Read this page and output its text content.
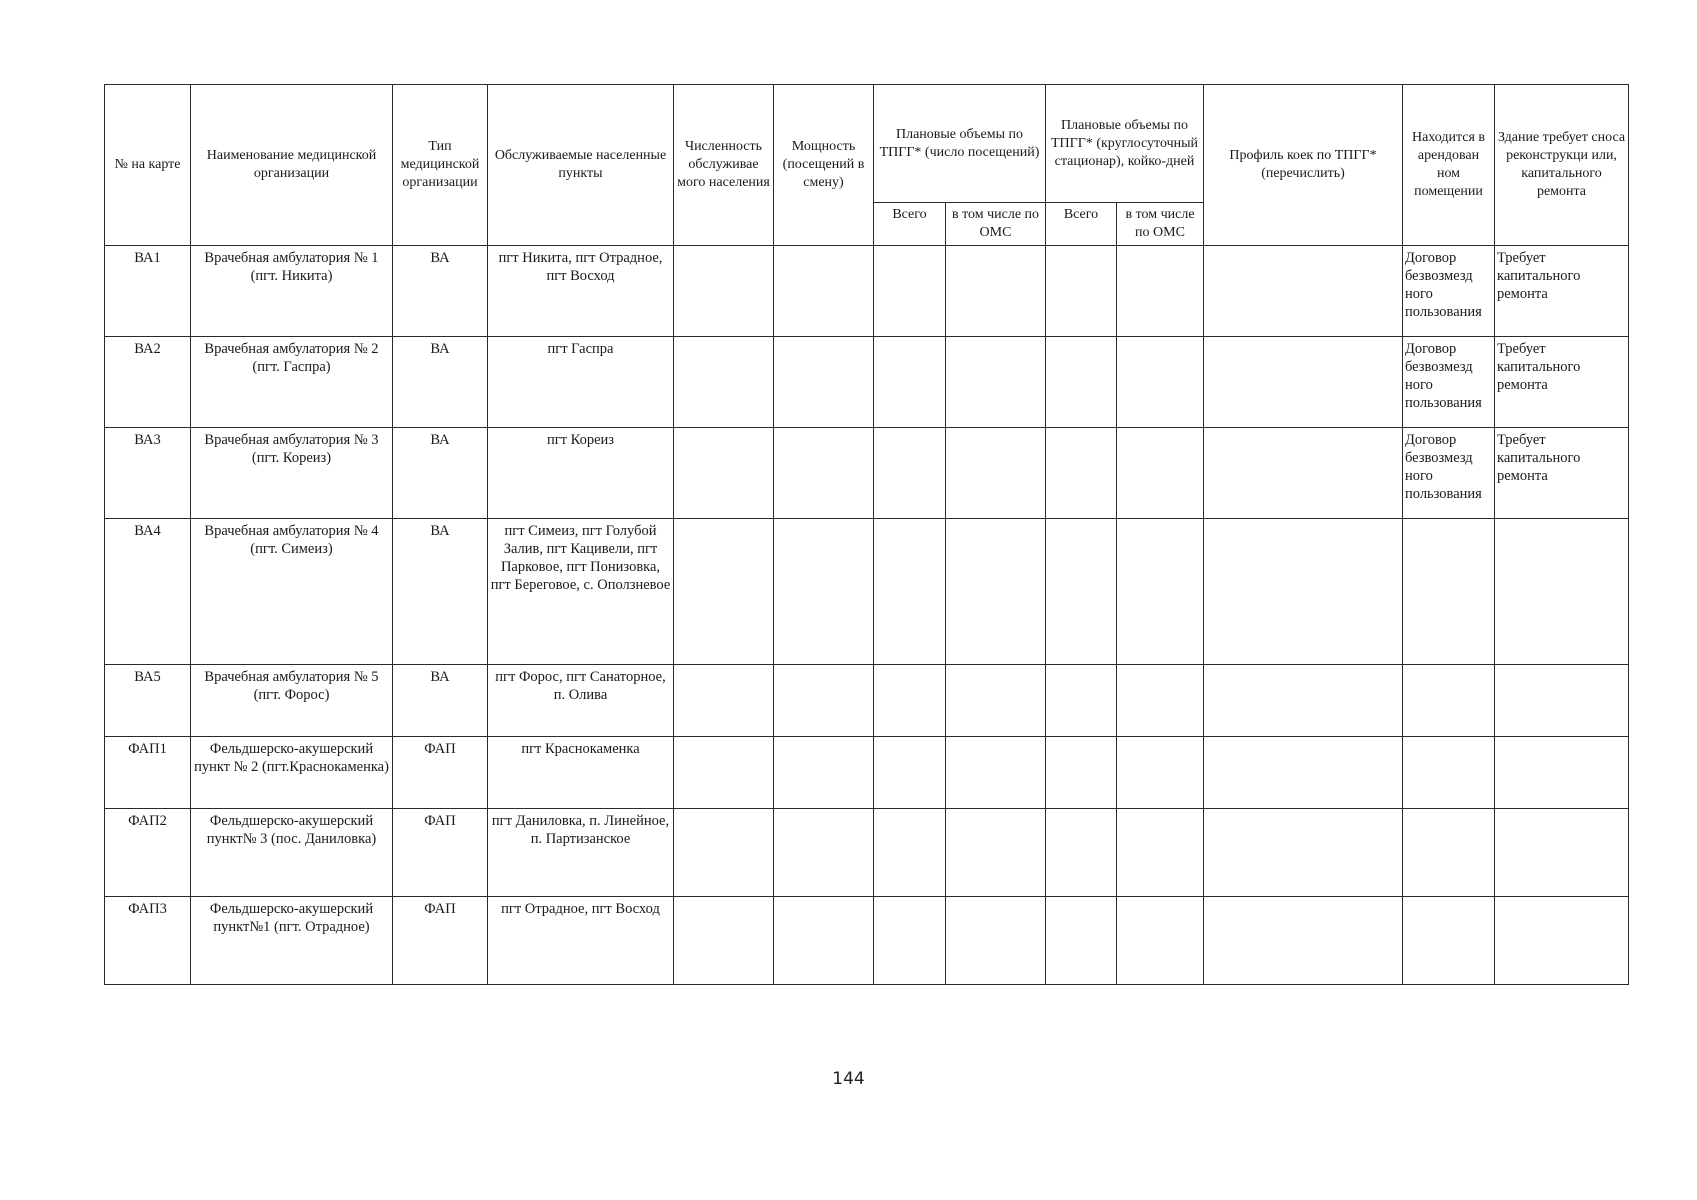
№ на карте	Наименование медицинской организации	Тип медицинской организации	Обслуживаемые населенные пункты	Численность обслуживае мого населения	Мощность (посещений в смену)	Плановые объемы по ТПГГ* (число посещений)		Плановые объемы по ТПГГ* (круглосуточный стационар), койко-дней		Профиль коек по ТПГГ* (перечислить)	Находится в арендован ном помещении	Здание требует сноса реконструкци или, капитального ремонта
						Всего	в том числе по ОМС	Всего	в том числе по ОМС			
ВА1	Врачебная амбулатория № 1 (пгт. Никита)	ВА	пгт Никита, пгт Отрадное, пгт Восход								Договор безвозмезд ного пользования	Требует капитального ремонта
ВА2	Врачебная амбулатория № 2 (пгт. Гаспра)	ВА	пгт Гаспра								Договор безвозмезд ного пользования	Требует капитального ремонта
ВА3	Врачебная амбулатория № 3 (пгт. Кореиз)	ВА	пгт Кореиз								Договор безвозмезд ного пользования	Требует капитального ремонта
ВА4	Врачебная амбулатория № 4 (пгт. Симеиз)	ВА	пгт Симеиз, пгт Голубой Залив, пгт Кацивели, пгт Парковое, пгт Понизовка, пгт Береговое, с. Оползневое									
ВА5	Врачебная амбулатория № 5 (пгт. Форос)	ВА	пгт Форос, пгт Санаторное, п. Олива									
ФАП1	Фельдшерско-акушерский пункт № 2 (пгт.Краснокаменка)	ФАП	пгт Краснокаменка									
ФАП2	Фельдшерско-акушерский пункт№ 3 (пос. Даниловка)	ФАП	пгт Даниловка, п. Линейное, п. Партизанское									
ФАП3	Фельдшерско-акушерский пункт№1 (пгт. Отрадное)	ФАП	пгт Отрадное, пгт Восход									
144
